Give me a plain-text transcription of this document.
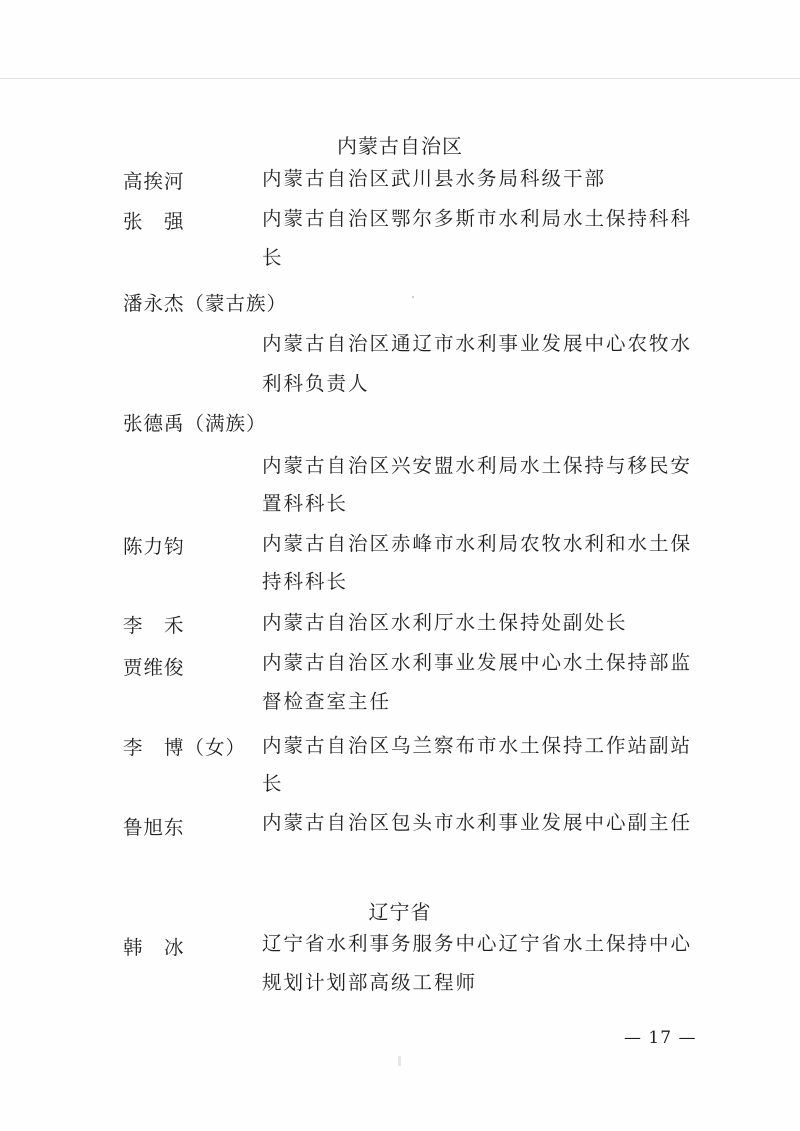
内蒙古自治区
高挨河	内蒙古自治区武川县水务局科级干部
张　强	内蒙古自治区鄂尔多斯市水利局水土保持科科
长
潘永杰（蒙古族）
内蒙古自治区通辽市水利事业发展中心农牧水
利科负责人
张德禹（满族）
内蒙古自治区兴安盟水利局水土保持与移民安
置科科长
陈力钧	内蒙古自治区赤峰市水利局农牧水利和水土保
持科科长
李　禾	内蒙古自治区水利厅水土保持处副处长
贾维俊	内蒙古自治区水利事业发展中心水土保持部监
督检查室主任
李　博（女） 内蒙古自治区乌兰察布市水土保持工作站副站
长
鲁旭东	内蒙古自治区包头市水利事业发展中心副主任
辽宁省
韩　冰	辽宁省水利事务服务中心辽宁省水土保持中心
规划计划部高级工程师
— 17 —
